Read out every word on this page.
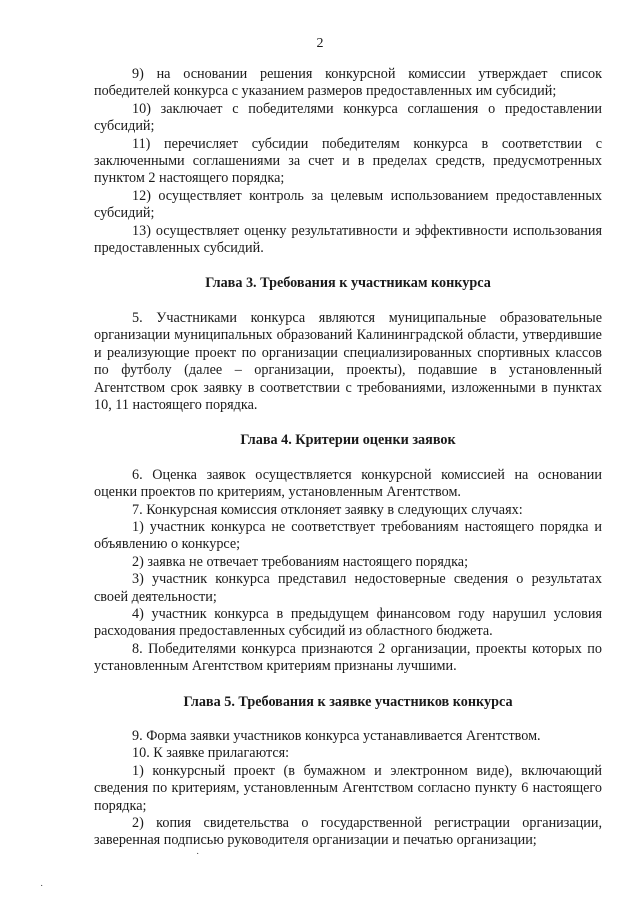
2

9) на основании решения конкурсной комиссии утверждает список победителей конкурса с указанием размеров предоставленных им субсидий;

10) заключает с победителями конкурса соглашения о предоставлении субсидий;

11) перечисляет субсидии победителям конкурса в соответствии с заключенными соглашениями за счет и в пределах средств, предусмотренных пунктом 2 настоящего порядка;

12) осуществляет контроль за целевым использованием предоставленных субсидий;

13) осуществляет оценку результативности и эффективности использования предоставленных субсидий.

Глава 3. Требования к участникам конкурса

5. Участниками конкурса являются муниципальные образовательные организации муниципальных образований Калининградской области, утвердившие и реализующие проект по организации специализированных спортивных классов по футболу (далее – организации, проекты), подавшие в установленный Агентством срок заявку в соответствии с требованиями, изложенными в пунктах 10, 11 настоящего порядка.

Глава 4. Критерии оценки заявок

6. Оценка заявок осуществляется конкурсной комиссией на основании оценки проектов по критериям, установленным Агентством.

7. Конкурсная комиссия отклоняет заявку в следующих случаях:

1) участник конкурса не соответствует требованиям настоящего порядка и объявлению о конкурсе;

2) заявка не отвечает требованиям настоящего порядка;

3) участник конкурса представил недостоверные сведения о результатах своей деятельности;

4) участник конкурса в предыдущем финансовом году нарушил условия расходования предоставленных субсидий из областного бюджета.

8. Победителями конкурса признаются 2 организации, проекты которых по установленным Агентством критериям признаны лучшими.

Глава 5. Требования к заявке участников конкурса

9. Форма заявки участников конкурса устанавливается Агентством.

10. К заявке прилагаются:

1) конкурсный проект (в бумажном и электронном виде), включающий сведения по критериям, установленным Агентством согласно пункту 6 настоящего порядка;

2) копия свидетельства о государственной регистрации организации, заверенная подписью руководителя организации и печатью организации;

˙
˙
